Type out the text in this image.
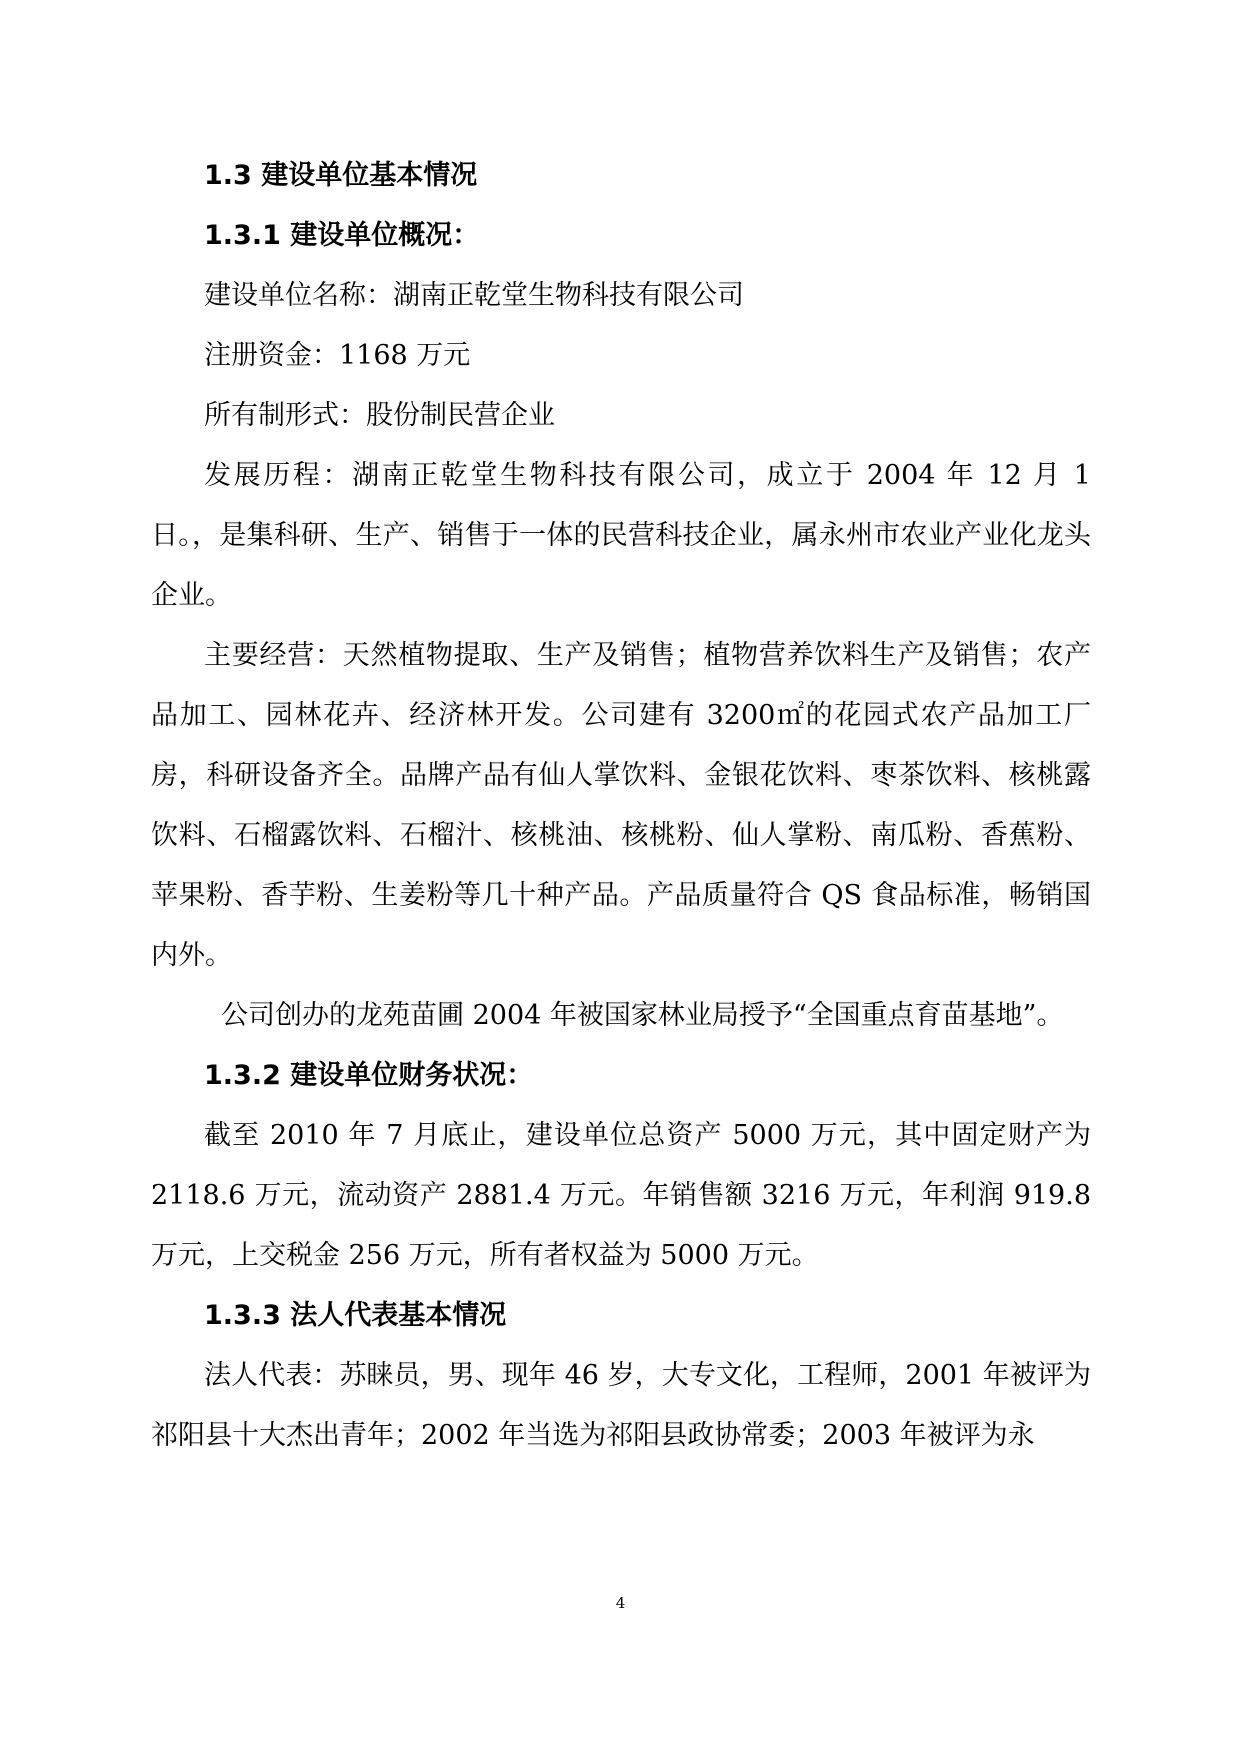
1.3 建设单位基本情况

1.3.1 建设单位概况：

建设单位名称：湖南正乾堂生物科技有限公司

注册资金：1168 万元

所有制形式：股份制民营企业

发展历程：湖南正乾堂生物科技有限公司，成立于 2004 年 12 月 1 日。，是集科研、生产、销售于一体的民营科技企业，属永州市农业产业化龙头企业。

主要经营：天然植物提取、生产及销售；植物营养饮料生产及销售；农产品加工、园林花卉、经济林开发。公司建有 3200㎡的花园式农产品加工厂房，科研设备齐全。品牌产品有仙人掌饮料、金银花饮料、枣茶饮料、核桃露饮料、石榴露饮料、石榴汁、核桃油、核桃粉、仙人掌粉、南瓜粉、香蕉粉、苹果粉、香芋粉、生姜粉等几十种产品。产品质量符合 QS 食品标准，畅销国内外。

公司创办的龙苑苗圃 2004 年被国家林业局授予“全国重点育苗基地”。

1.3.2 建设单位财务状况：

截至 2010 年 7 月底止，建设单位总资产 5000 万元，其中固定财产为 2118.6 万元，流动资产 2881.4 万元。年销售额 3216 万元，年利润 919.8 万元，上交税金 256 万元，所有者权益为 5000 万元。

1.3.3 法人代表基本情况

法人代表：苏睐员，男、现年 46 岁，大专文化，工程师，2001 年被评为祁阳县十大杰出青年；2002 年当选为祁阳县政协常委；2003 年被评为永

4
